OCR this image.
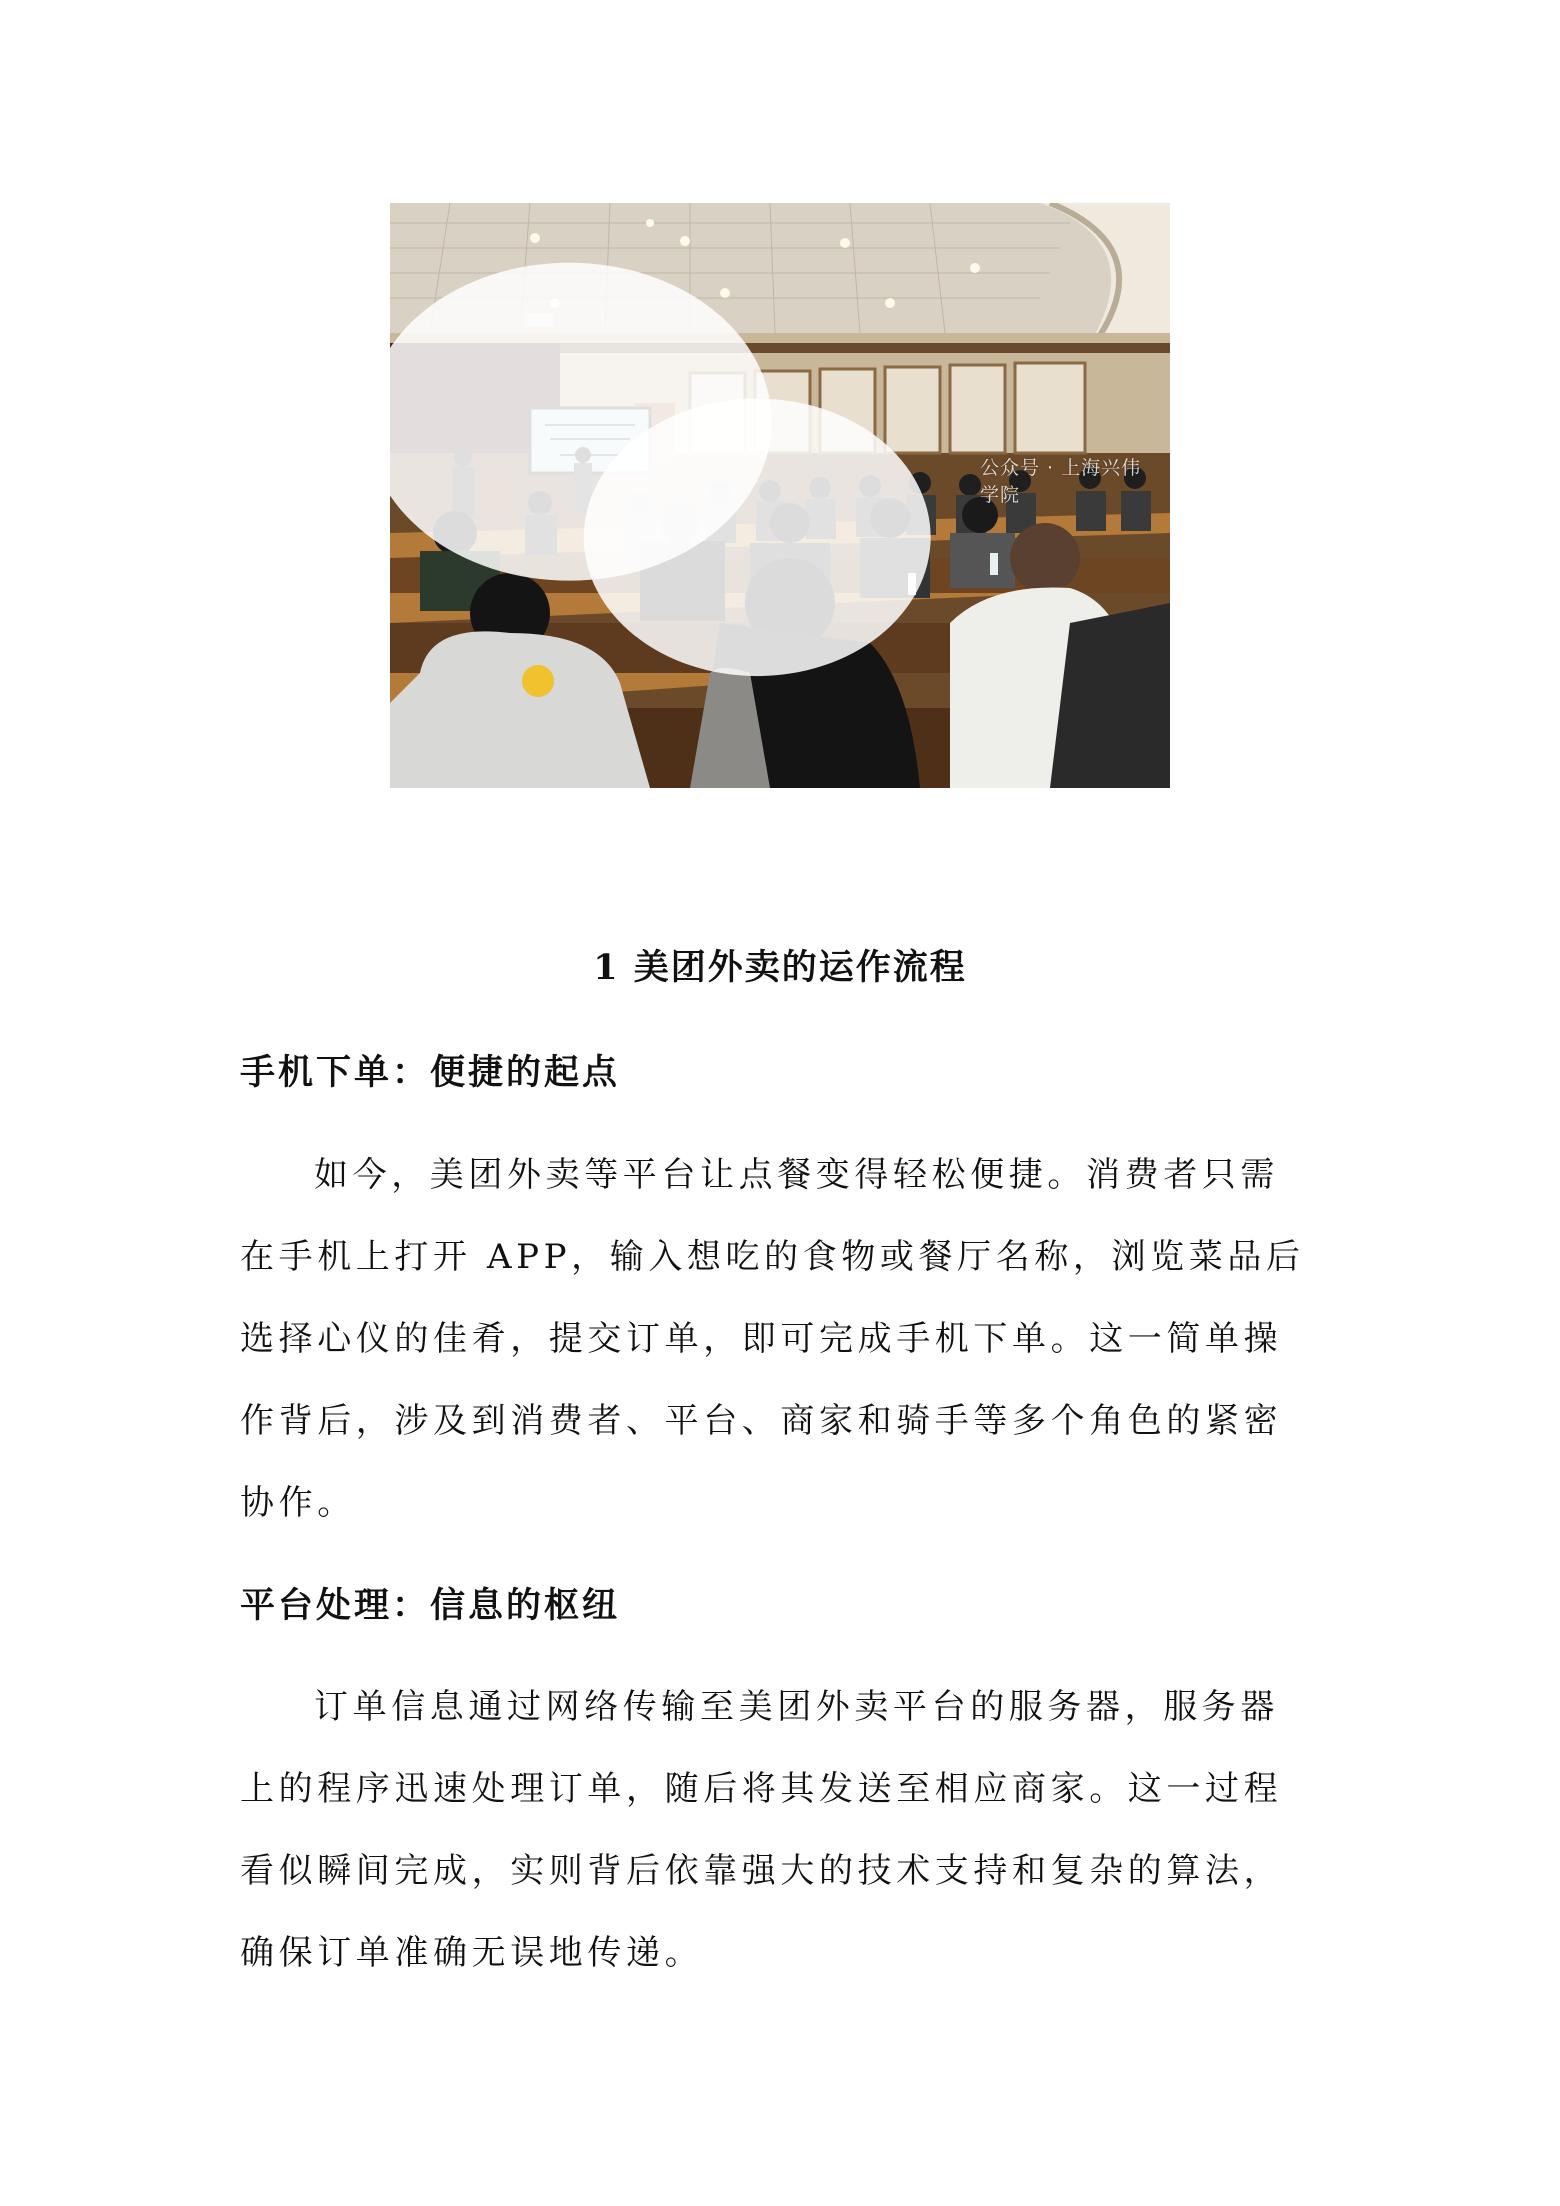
公众号 · 上海兴伟学院
1 美团外卖的运作流程
手机下单：便捷的起点

如今，美团外卖等平台让点餐变得轻松便捷。消费者只需
在手机上打开 APP，输入想吃的食物或餐厅名称，浏览菜品后
选择心仪的佳肴，提交订单，即可完成手机下单。这一简单操
作背后，涉及到消费者、平台、商家和骑手等多个角色的紧密
协作。

平台处理：信息的枢纽

订单信息通过网络传输至美团外卖平台的服务器，服务器
上的程序迅速处理订单，随后将其发送至相应商家。这一过程
看似瞬间完成，实则背后依靠强大的技术支持和复杂的算法，
确保订单准确无误地传递。
